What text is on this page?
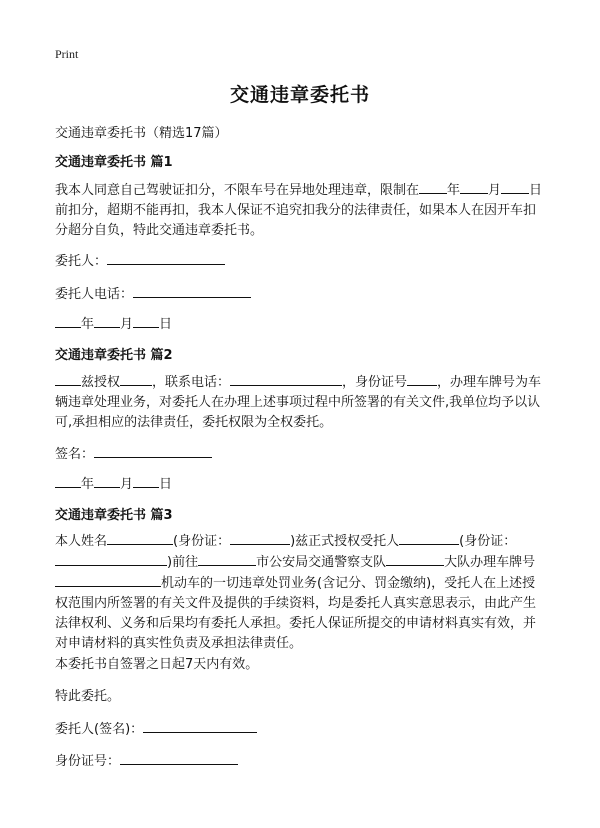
Print
交通违章委托书
交通违章委托书（精选17篇）
交通违章委托书 篇1
我本人同意自己驾驶证扣分，不限车号在异地处理违章，限制在 年 月 日前扣分，超期不能再扣，我本人保证不追究扣我分的法律责任，如果本人在因开车扣分超分自负，特此交通违章委托书。
委托人：
委托人电话：
年 月 日
交通违章委托书 篇2
兹授权 ，联系电话：	，身份证号 ，办理车牌号为车辆违章处理业务，对委托人在办理上述事项过程中所签署的有关文件,我单位均予以认可,承担相应的法律责任，委托权限为全权委托。
签名：
年 月 日
交通违章委托书 篇3
本人姓名	(身份证：	)兹正式授权受托人	(身份证：)前往	市公安局交通警察支队	大队办理车牌号机动车的一切违章处罚业务(含记分、罚金缴纳)，受托人在上述授权范围内所签署的有关文件及提供的手续资料，均是委托人真实意思表示，由此产生法律权利、义务和后果均有委托人承担。委托人保证所提交的申请材料真实有效，并对申请材料的真实性负责及承担法律责任。
本委托书自签署之日起7天内有效。
特此委托。
委托人(签名)：
身份证号：
